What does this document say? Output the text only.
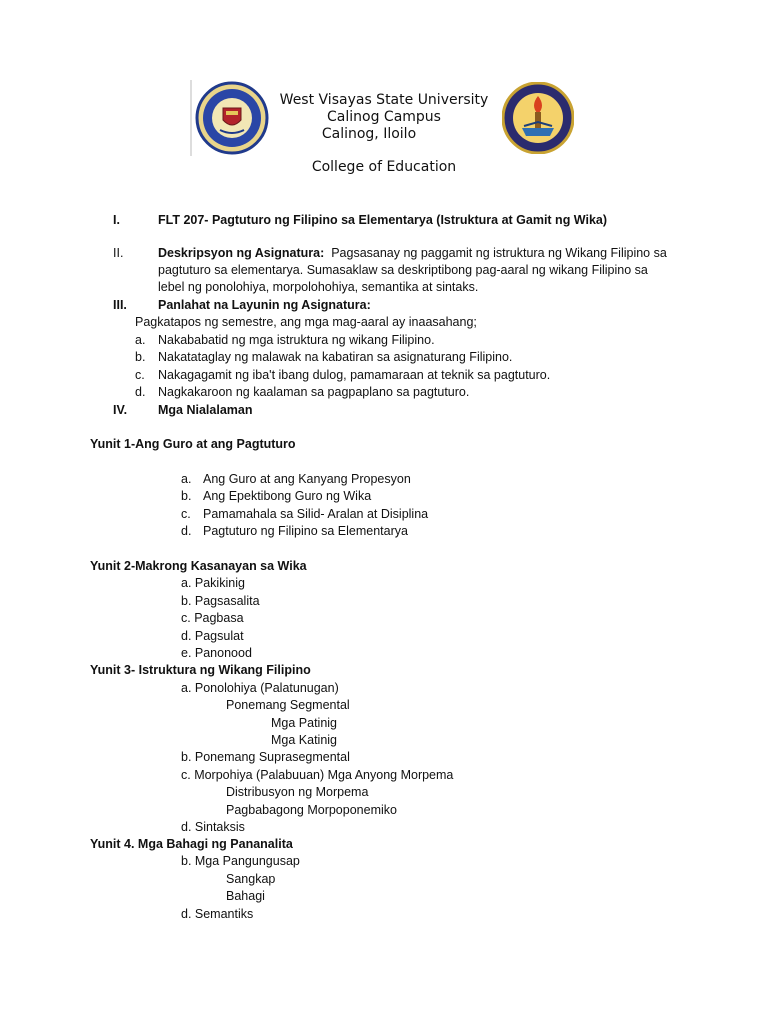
West Visayas State University
Calinog Campus
Calinog, Iloilo
College of Education
I.	FLT 207- Pagtuturo ng Filipino sa Elementarya (Istruktura at Gamit ng Wika)
II.	Deskripsyon ng Asignatura: Pagsasanay ng paggamit ng istruktura ng Wikang Filipino sa
pagtuturo sa elementarya. Sumasaklaw sa deskriptibong pag-aaral ng wikang Filipino sa
lebel ng ponolohiya, morpolohohiya, semantika at sintaks.
III. Panlahat na Layunin ng Asignatura:
Pagkatapos ng semestre, ang mga mag-aaral ay inaasahang;
a. Nakababatid ng mga istruktura ng wikang Filipino.
b. Nakatataglay ng malawak na kabatiran sa asignaturang Filipino.
c. Nakagagamit ng iba't ibang dulog, pamamaraan at teknik sa pagtuturo.
d. Nagkakaroon ng kaalaman sa pagpaplano sa pagtuturo.
IV. Mga Nialalaman
Yunit 1-Ang Guro at ang Pagtuturo
a. Ang Guro at ang Kanyang Propesyon
b. Ang Epektibong Guro ng Wika
c. Pamamahala sa Silid- Aralan at Disiplina
d. Pagtuturo ng Filipino sa Elementarya
Yunit 2-Makrong Kasanayan sa Wika
a. Pakikinig
b. Pagsasalita
c. Pagbasa
d. Pagsulat
e. Panonood
Yunit 3- Istruktura ng Wikang Filipino
a. Ponolohiya (Palatunugan)
Ponemang Segmental
Mga Patinig
Mga Katinig
b. Ponemang Suprasegmental
c. Morpohiya (Palabuuan) Mga Anyong Morpema
Distribusyon ng Morpema
Pagbabagong Morpoponemiko
d. Sintaksis
Yunit 4. Mga Bahagi ng Pananalita
b. Mga Pangungusap
Sangkap
Bahagi
d. Semantiks
